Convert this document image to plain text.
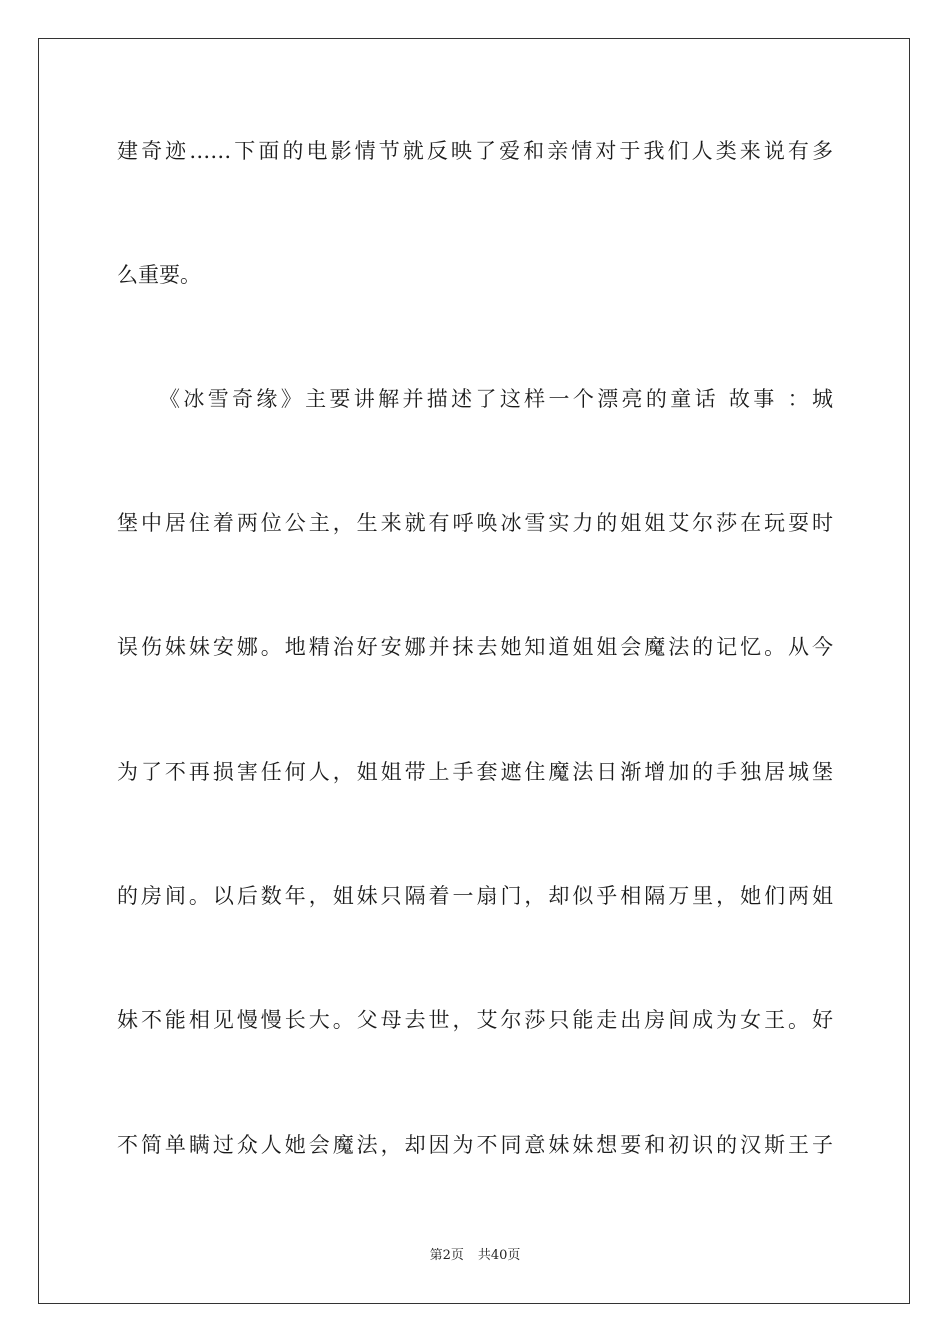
建奇迹……下面的电影情节就反映了爱和亲情对于我们人类来说有多
么重要。
《冰雪奇缘》主要讲解并描述了这样一个漂亮的童话 故事 ：城
堡中居住着两位公主，生来就有呼唤冰雪实力的姐姐艾尔莎在玩耍时
误伤妹妹安娜。地精治好安娜并抹去她知道姐姐会魔法的记忆。从今
为了不再损害任何人，姐姐带上手套遮住魔法日渐增加的手独居城堡
的房间。以后数年，姐妹只隔着一扇门，却似乎相隔万里，她们两姐
妹不能相见慢慢长大。父母去世，艾尔莎只能走出房间成为女王。好
不简单瞒过众人她会魔法，却因为不同意妹妹想要和初识的汉斯王子
第2页 共40页
